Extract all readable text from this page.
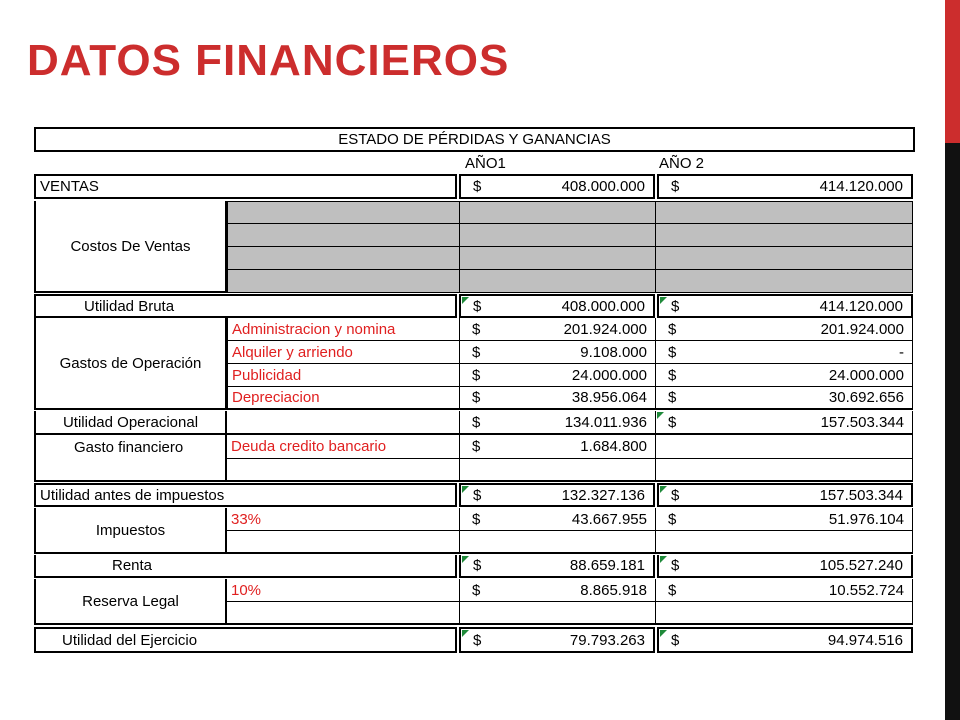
DATOS FINANCIEROS
ESTADO DE PÉRDIDAS Y GANANCIAS
AÑO1	AÑO 2
VENTAS	$	408.000.000 $	414.120.000
Costos De Ventas
Utilidad Bruta	$	408.000.000 $	414.120.000
Gastos de Operación
Administracion y nomina	$	201.924.000 $	201.924.000
Alquiler y arriendo	$	9.108.000 $	-
Publicidad	$	24.000.000 $	24.000.000
Depreciacion	$	38.956.064 $	30.692.656
Utilidad Operacional	$	134.011.936 $	157.503.344
Gasto financiero	Deuda credito bancario	$	1.684.800
Utilidad antes de impuestos	$	132.327.136 $	157.503.344
Impuestos
33%	$	43.667.955 $	51.976.104
Renta	$	88.659.181 $	105.527.240
Reserva Legal
10%	$	8.865.918 $	10.552.724
Utilidad del Ejercicio	$	79.793.263 $	94.974.516
